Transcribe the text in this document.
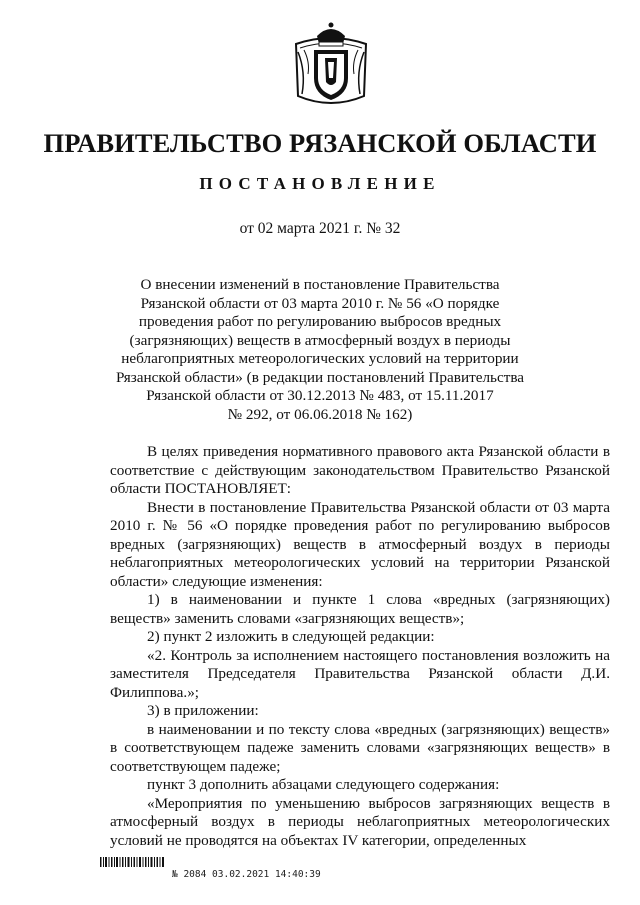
ПРАВИТЕЛЬСТВО РЯЗАНСКОЙ ОБЛАСТИ
ПОСТАНОВЛЕНИЕ
от 02 марта 2021 г. № 32
О внесении изменений в постановление Правительства
Рязанской области от 03 марта 2010 г. № 56 «О порядке
проведения работ по регулированию выбросов вредных
(загрязняющих) веществ в атмосферный воздух в периоды
неблагоприятных метеорологических условий на территории
Рязанской области» (в редакции постановлений Правительства
Рязанской области от 30.12.2013 № 483, от 15.11.2017
№ 292, от 06.06.2018 № 162)

В целях приведения нормативного правового акта Рязанской области в соответствие с действующим законодательством Правительство Рязанской области ПОСТАНОВЛЯЕТ:

Внести в постановление Правительства Рязанской области от 03 марта 2010 г. № 56 «О порядке проведения работ по регулированию выбросов вредных (загрязняющих) веществ в атмосферный воздух в периоды неблагоприятных метеорологических условий на территории Рязанской области» следующие изменения:

1) в наименовании и пункте 1 слова «вредных (загрязняющих) веществ» заменить словами «загрязняющих веществ»;

2) пункт 2 изложить в следующей редакции:

«2. Контроль за исполнением настоящего постановления возложить на заместителя Председателя Правительства Рязанской области Д.И. Филиппова.»;

3) в приложении:

в наименовании и по тексту слова «вредных (загрязняющих) веществ» в соответствующем падеже заменить словами «загрязняющих веществ» в соответствующем падеже;

пункт 3 дополнить абзацами следующего содержания:

«Мероприятия по уменьшению выбросов загрязняющих веществ в атмосферный воздух в периоды неблагоприятных метеорологических условий не проводятся на объектах IV категории, определенных

№ 2084 03.02.2021 14:40:39
